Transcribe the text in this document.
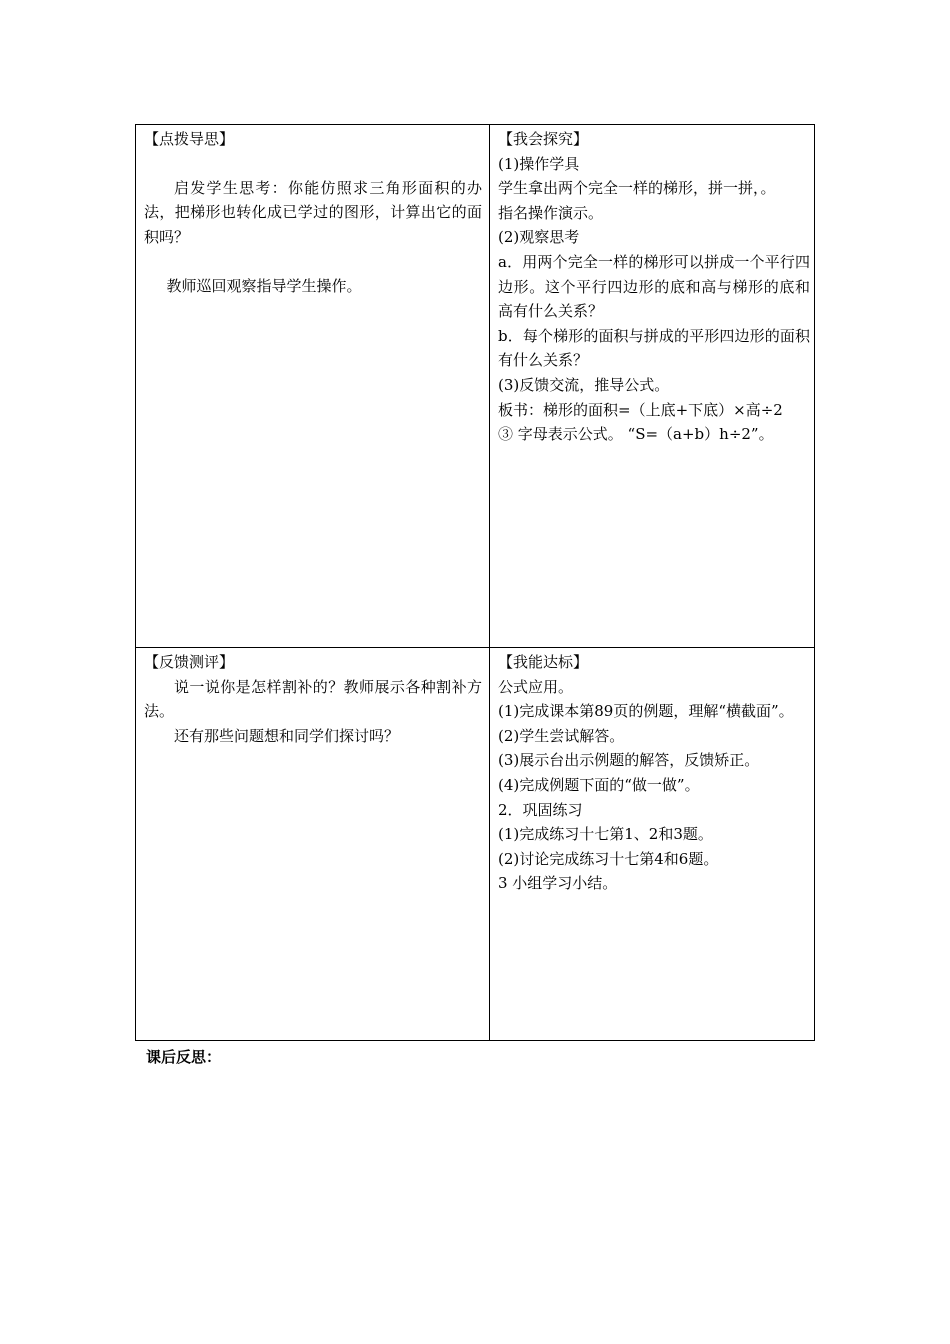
【点拨导思】
启发学生思考：你能仿照求三角形面积的办法，把梯形也转化成已学过的图形，计算出它的面积吗？
教师巡回观察指导学生操作。
【我会探究】
(1)操作学具
学生拿出两个完全一样的梯形，拼一拼，。
指名操作演示。
(2)观察思考
a．用两个完全一样的梯形可以拼成一个平行四边形。这个平行四边形的底和高与梯形的底和高有什么关系？
b．每个梯形的面积与拼成的平形四边形的面积有什么关系？
(3)反馈交流，推导公式。
板书：梯形的面积=（上底+下底）×高÷2
③ 字母表示公式。 “S=（a+b）h÷2”。
【反馈测评】
说一说你是怎样割补的？教师展示各种割补方法。
还有那些问题想和同学们探讨吗？
【我能达标】
公式应用。
(1)完成课本第89页的例题，理解“横截面”。
(2)学生尝试解答。
(3)展示台出示例题的解答，反馈矫正。
(4)完成例题下面的“做一做”。
2．巩固练习
(1)完成练习十七第1、2和3题。
(2)讨论完成练习十七第4和6题。
3 小组学习小结。
课后反思：
